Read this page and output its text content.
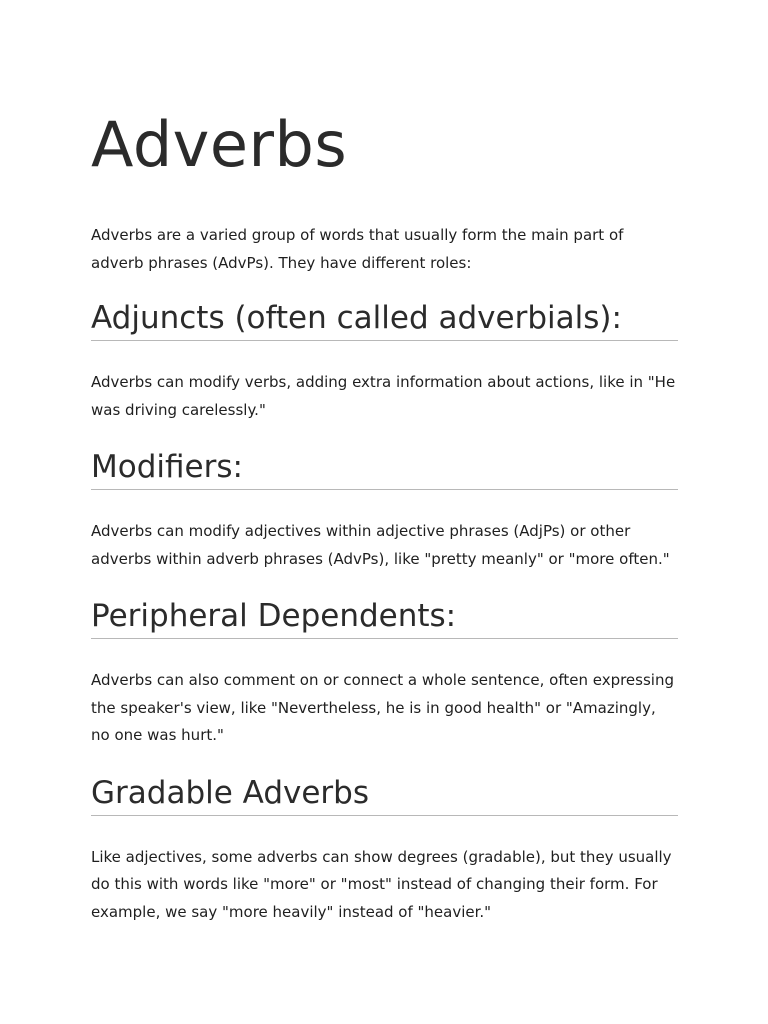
Adverbs

Adverbs are a varied group of words that usually form the main part of adverb phrases (AdvPs). They have different roles:

Adjuncts (often called adverbials):

Adverbs can modify verbs, adding extra information about actions, like in "He was driving carelessly."

Modifiers:

Adverbs can modify adjectives within adjective phrases (AdjPs) or other adverbs within adverb phrases (AdvPs), like "pretty meanly" or "more often."

Peripheral Dependents:

Adverbs can also comment on or connect a whole sentence, often expressing the speaker's view, like "Nevertheless, he is in good health" or "Amazingly, no one was hurt."

Gradable Adverbs

Like adjectives, some adverbs can show degrees (gradable), but they usually do this with words like "more" or "most" instead of changing their form. For example, we say "more heavily" instead of "heavier."
